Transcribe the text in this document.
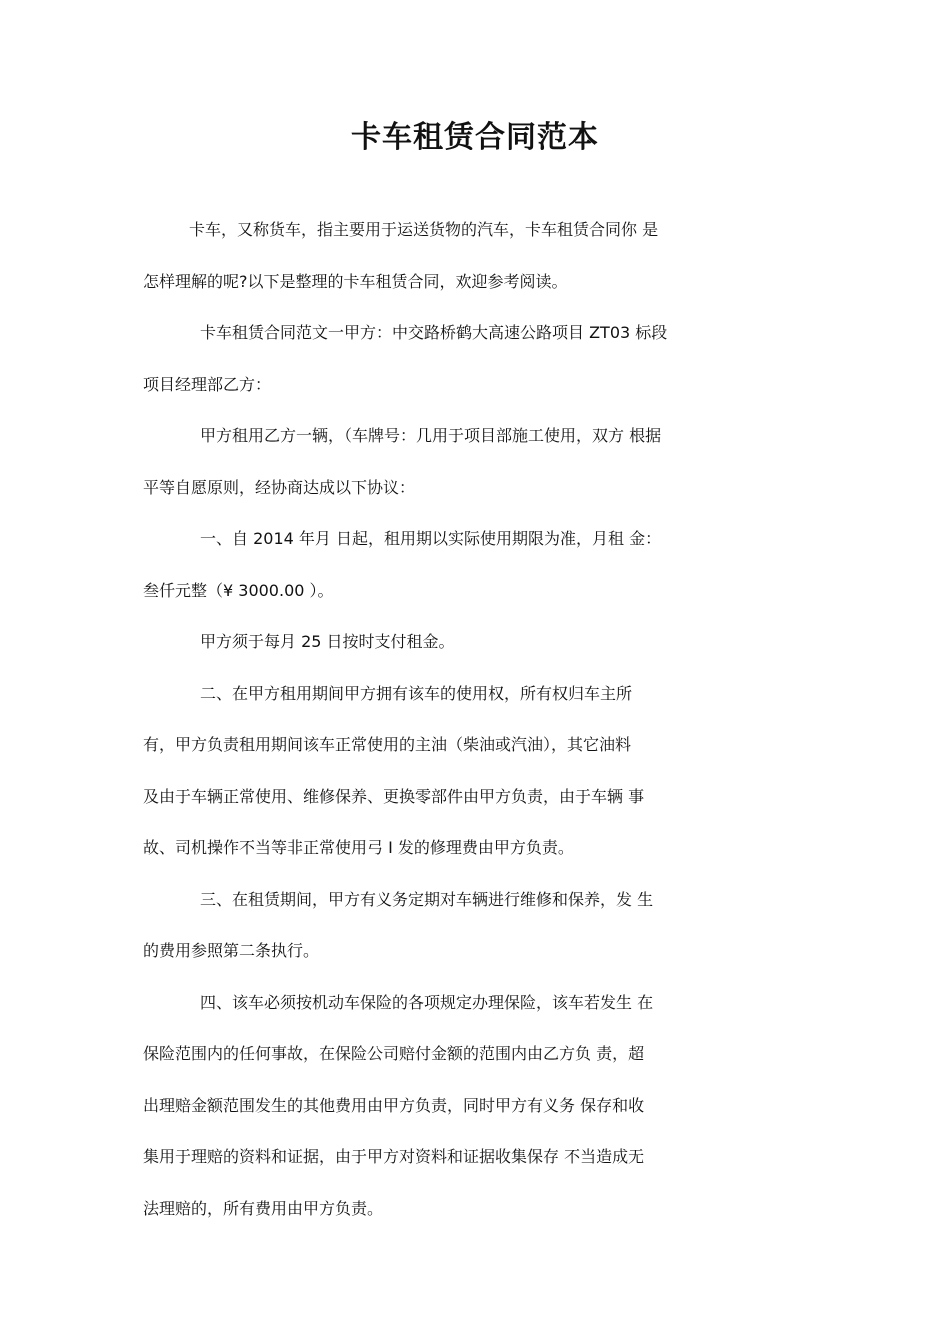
卡车租赁合同范本
卡车，又称货车，指主要用于运送货物的汽车，卡车租赁合同你 是
怎样理解的呢?以下是整理的卡车租赁合同，欢迎参考阅读。
卡车租赁合同范文一甲方：中交路桥鹤大高速公路项目 ZT03 标段
项目经理部乙方：
甲方租用乙方一辆，（车牌号：几用于项目部施工使用，双方 根据
平等自愿原则，经协商达成以下协议：
一、自 2014 年月 日起，租用期以实际使用期限为准，月租 金：
叁仟元整（¥ 3000.00 ）。
甲方须于每月 25 日按时支付租金。
二、在甲方租用期间甲方拥有该车的使用权，所有权归车主所
有，甲方负责租用期间该车正常使用的主油（柴油或汽油），其它油料
及由于车辆正常使用、维修保养、更换零部件由甲方负责，由于车辆 事
故、司机操作不当等非正常使用弓 I 发的修理费由甲方负责。
三、在租赁期间，甲方有义务定期对车辆进行维修和保养，发 生
的费用参照第二条执行。
四、该车必须按机动车保险的各项规定办理保险，该车若发生 在
保险范围内的任何事故，在保险公司赔付金额的范围内由乙方负 责，超
出理赔金额范围发生的其他费用由甲方负责，同时甲方有义务 保存和收
集用于理赔的资料和证据，由于甲方对资料和证据收集保存 不当造成无
法理赔的，所有费用由甲方负责。
